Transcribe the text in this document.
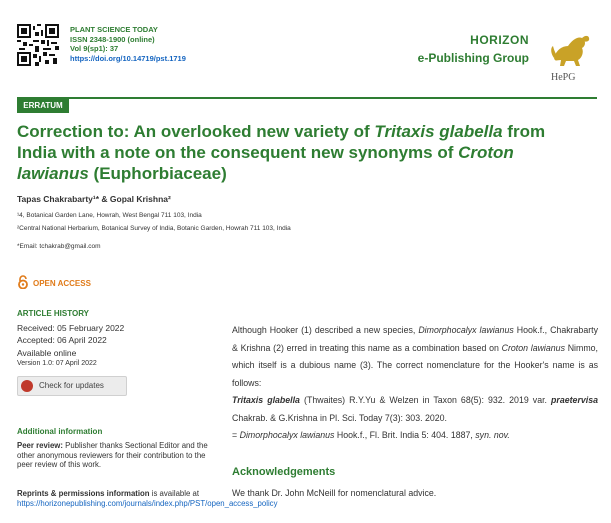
PLANT SCIENCE TODAY
ISSN 2348-1900 (online)
Vol 9(sp1): 37
https://doi.org/10.14719/pst.1719
HORIZON
e-Publishing Group
HePG
ERRATUM
Correction to: An overlooked new variety of Tritaxis glabella from India with a note on the consequent new synonyms of Croton lawianus (Euphorbiaceae)
Tapas Chakrabarty¹* & Gopal Krishna²
¹4, Botanical Garden Lane, Howrah, West Bengal 711 103, India
²Central National Herbarium, Botanical Survey of India, Botanic Garden, Howrah 711 103, India
*Email: tchakrab@gmail.com
OPEN ACCESS
ARTICLE HISTORY
Received: 05 February 2022
Accepted: 06 April 2022
Available online
Version 1.0: 07 April 2022
Check for updates
Additional information
Peer review: Publisher thanks Sectional Editor and the other anonymous reviewers for their contribution to the peer review of this work.
Reprints & permissions information is available at https://horizonepublishing.com/journals/index.php/PST/open_access_policy
Although Hooker (1) described a new species, Dimorphocalyx lawianus Hook.f., Chakrabarty & Krishna (2) erred in treating this name as a combination based on Croton lawianus Nimmo, which itself is a dubious name (3). The correct nomenclature for the Hooker's name is as follows:
Tritaxis glabella (Thwaites) R.Y.Yu & Welzen in Taxon 68(5): 932. 2019 var. praetervisa Chakrab. & G.Krishna in Pl. Sci. Today 7(3): 303. 2020.
= Dimorphocalyx lawianus Hook.f., Fl. Brit. India 5: 404. 1887, syn. nov.
Acknowledgements
We thank Dr. John McNeill for nomenclatural advice.
